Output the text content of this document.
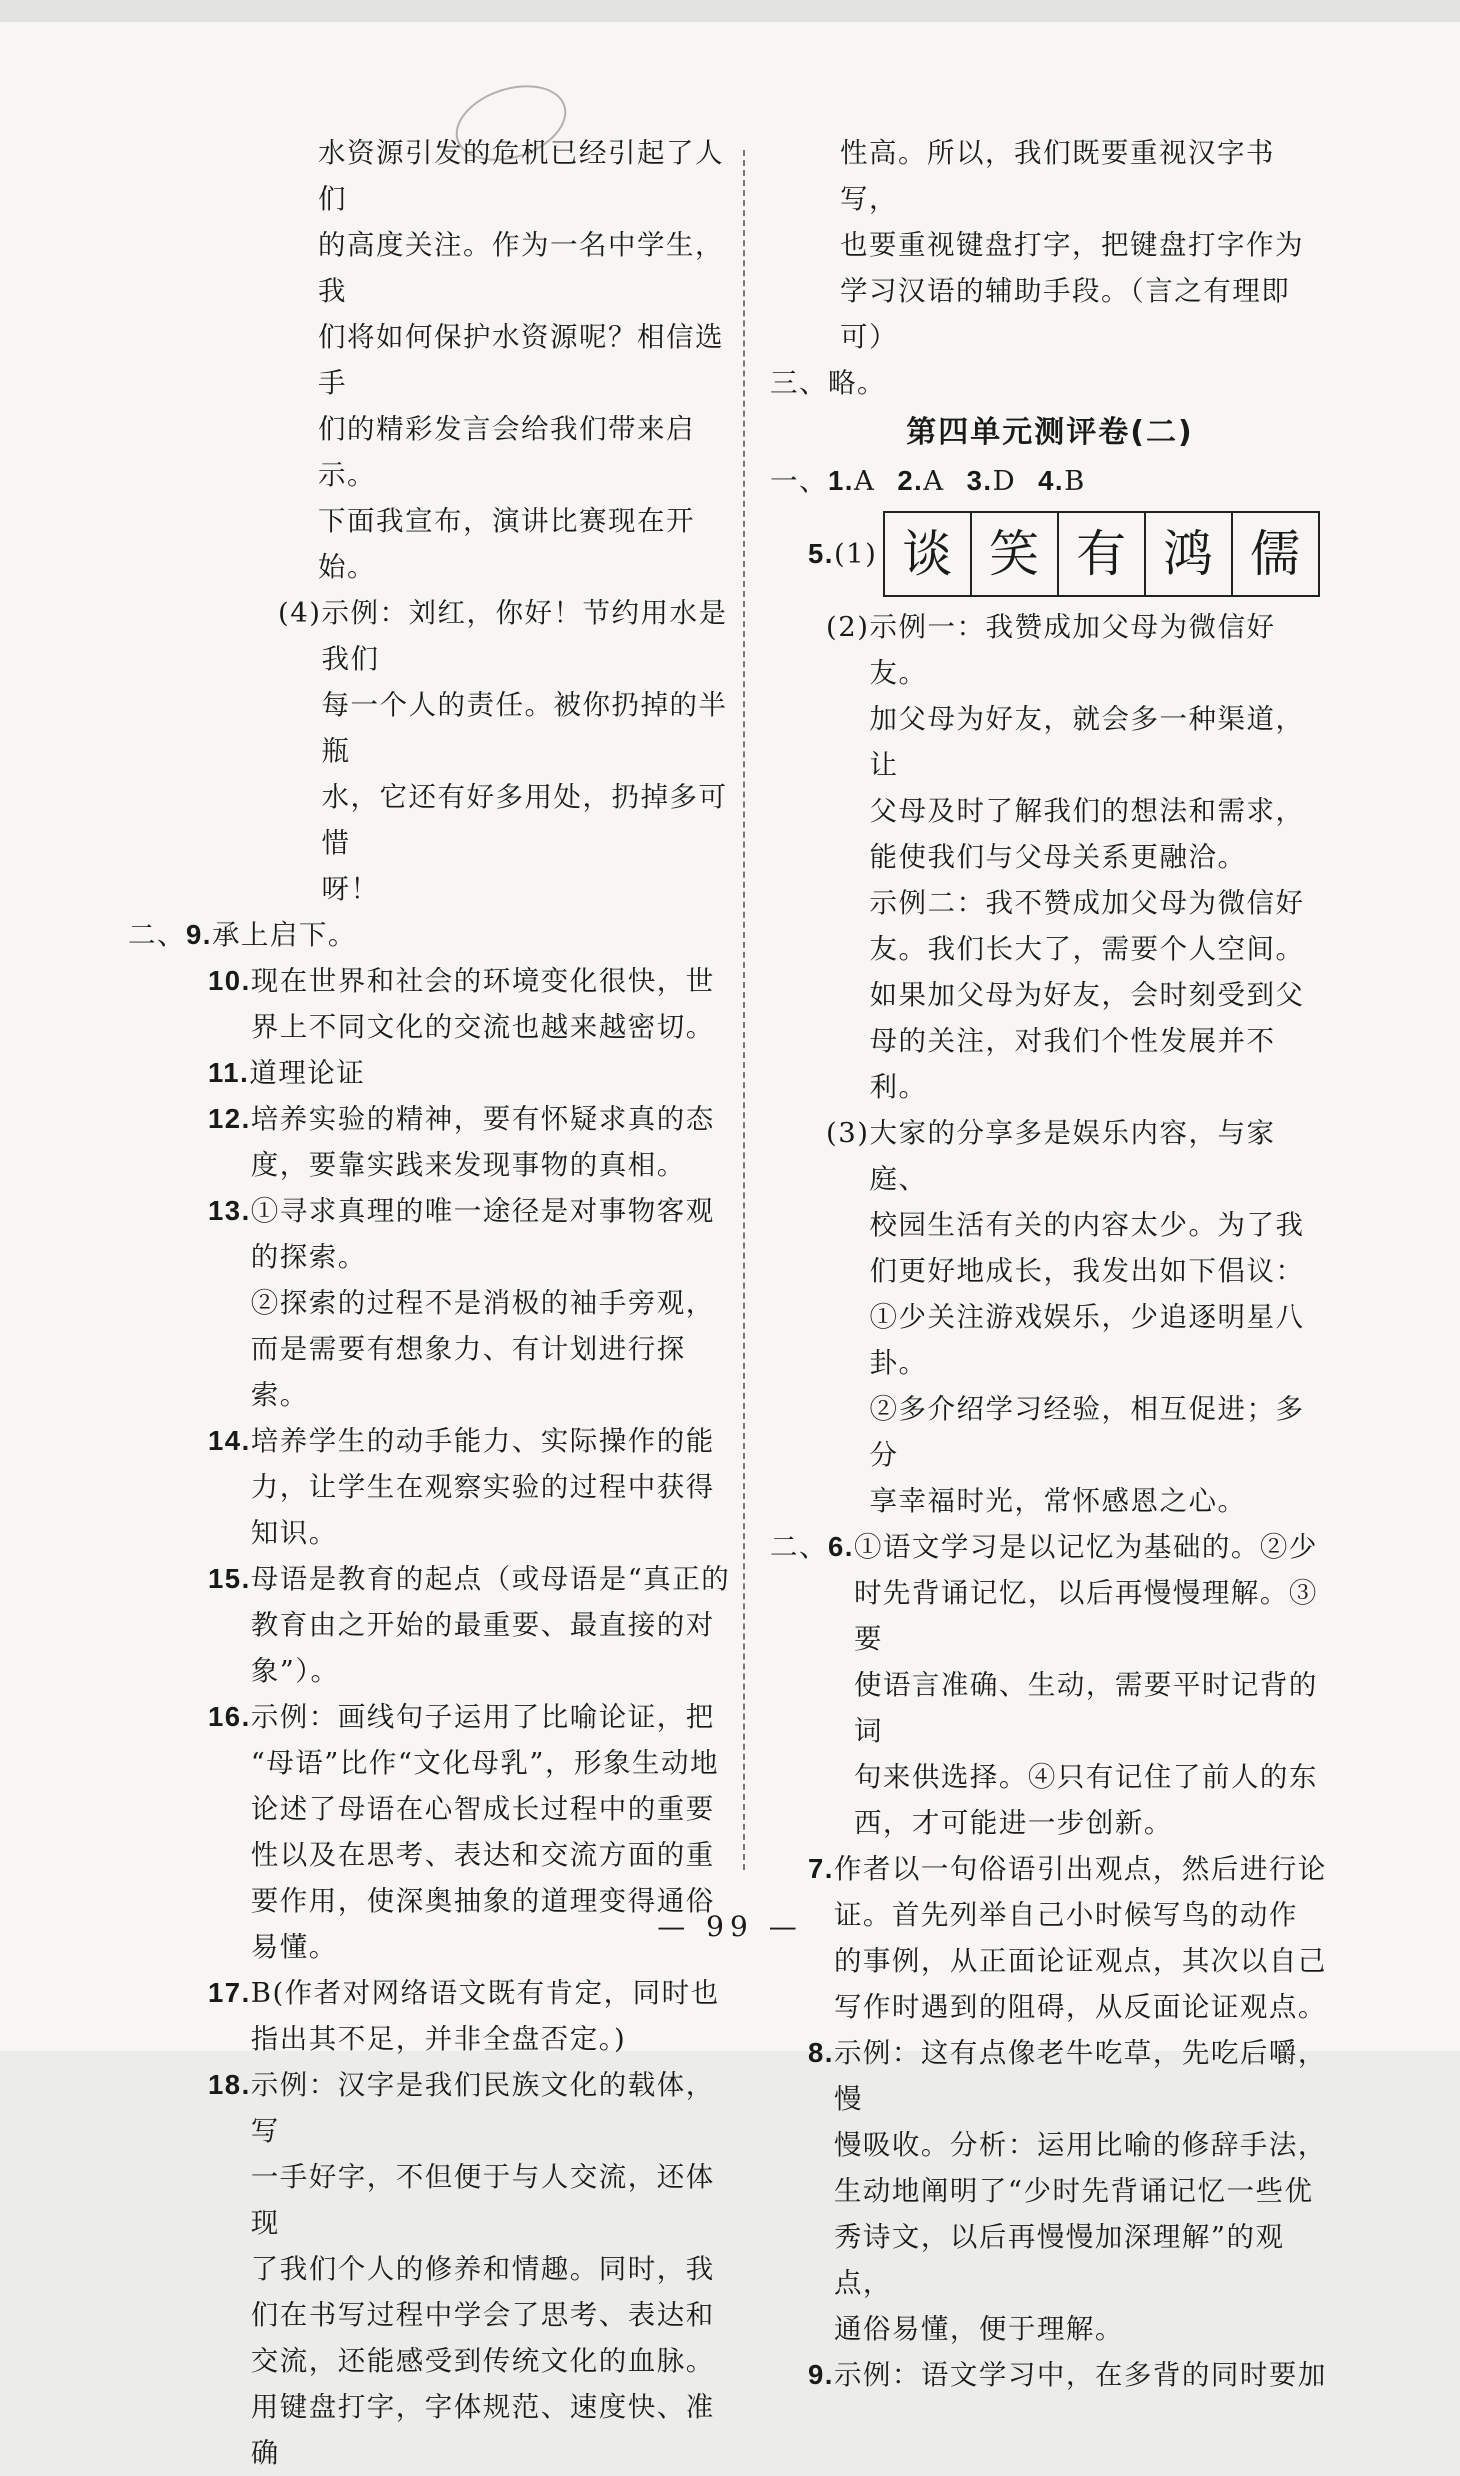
水资源引发的危机已经引起了人们

的高度关注。作为一名中学生，我

们将如何保护水资源呢？相信选手

们的精彩发言会给我们带来启示。

下面我宣布，演讲比赛现在开始。

(4) 示例：刘红，你好！节约用水是我们

每一个人的责任。被你扔掉的半瓶

水，它还有好多用处，扔掉多可惜

呀！

二、 9. 承上启下。

10. 现在世界和社会的环境变化很快，世

界上不同文化的交流也越来越密切。

11. 道理论证

12. 培养实验的精神，要有怀疑求真的态

度，要靠实践来发现事物的真相。

13. ①寻求真理的唯一途径是对事物客观

的探索。

②探索的过程不是消极的袖手旁观，

而是需要有想象力、有计划进行探索。

14. 培养学生的动手能力、实际操作的能

力，让学生在观察实验的过程中获得

知识。

15. 母语是教育的起点（或母语是“真正的

教育由之开始的最重要、最直接的对

象”）。

16. 示例：画线句子运用了比喻论证，把

“母语”比作“文化母乳”，形象生动地

论述了母语在心智成长过程中的重要

性以及在思考、表达和交流方面的重

要作用，使深奥抽象的道理变得通俗

易懂。

17. B(作者对网络语文既有肯定，同时也

指出其不足，并非全盘否定。)

18. 示例：汉字是我们民族文化的载体，写

一手好字，不但便于与人交流，还体现

了我们个人的修养和情趣。同时，我

们在书写过程中学会了思考、表达和

交流，还能感受到传统文化的血脉。

用键盘打字，字体规范、速度快、准确

性高。所以，我们既要重视汉字书写，

也要重视键盘打字，把键盘打字作为

学习汉语的辅助手段。（言之有理即

可）

三、略。

第四单元测评卷(二)
一、 1.A 2.A 3.D 4.B
5. (1) 谈 笑 有 鸿 儒
(2) 示例一：我赞成加父母为微信好友。

加父母为好友，就会多一种渠道，让

父母及时了解我们的想法和需求，

能使我们与父母关系更融洽。

示例二：我不赞成加父母为微信好

友。我们长大了，需要个人空间。

如果加父母为好友，会时刻受到父

母的关注，对我们个性发展并不利。

(3) 大家的分享多是娱乐内容，与家庭、

校园生活有关的内容太少。为了我

们更好地成长，我发出如下倡议：

①少关注游戏娱乐，少追逐明星八

卦。

②多介绍学习经验，相互促进；多分

享幸福时光，常怀感恩之心。

二、 6. ①语文学习是以记忆为基础的。②少

时先背诵记忆，以后再慢慢理解。③要

使语言准确、生动，需要平时记背的词

句来供选择。④只有记住了前人的东

西，才可能进一步创新。

7. 作者以一句俗语引出观点，然后进行论

证。首先列举自己小时候写鸟的动作

的事例，从正面论证观点，其次以自己

写作时遇到的阻碍，从反面论证观点。

8. 示例：这有点像老牛吃草，先吃后嚼，慢

慢吸收。分析：运用比喻的修辞手法，

生动地阐明了“少时先背诵记忆一些优

秀诗文，以后再慢慢加深理解”的观点，

通俗易懂，便于理解。

9. 示例：语文学习中，在多背的同时要加

— 99 —
